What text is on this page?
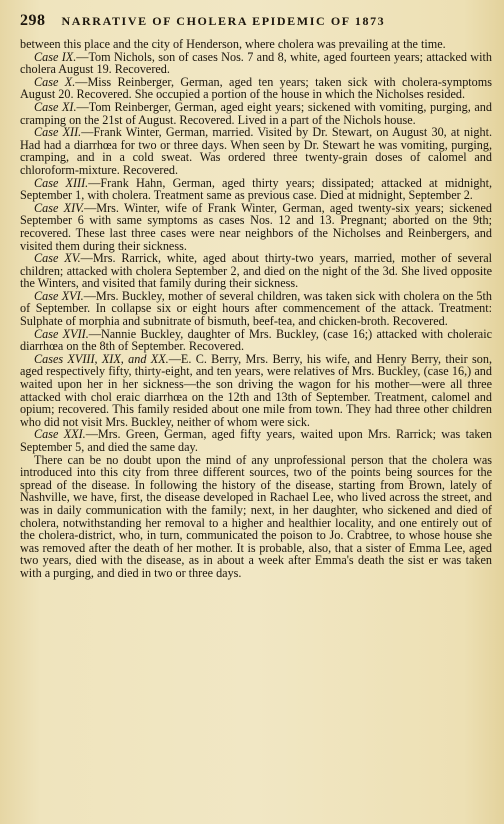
298 NARRATIVE OF CHOLERA EPIDEMIC OF 1873

between this place and the city of Henderson, where cholera was prevailing at the time.

Case IX.—Tom Nichols, son of cases Nos. 7 and 8, white, aged fourteen years; attacked with cholera August 19. Recovered.

Case X.—Miss Reinberger, German, aged ten years; taken sick with cholera-symptoms August 20. Recovered. She occupied a portion of the house in which the Nicholses resided.

Case XI.—Tom Reinberger, German, aged eight years; sickened with vomiting, purging, and cramping on the 21st of August. Recovered. Lived in a part of the Nichols house.

Case XII.—Frank Winter, German, married. Visited by Dr. Stewart, on August 30, at night. Had had a diarrhœa for two or three days. When seen by Dr. Stewart he was vomiting, purging, cramping, and in a cold sweat. Was ordered three twenty-grain doses of calomel and chloroform-mixture. Recovered.

Case XIII.—Frank Hahn, German, aged thirty years; dissipated; attacked at midnight, September 1, with cholera. Treatment same as previous case. Died at midnight, September 2.

Case XIV.—Mrs. Winter, wife of Frank Winter, German, aged twenty-six years; sickened September 6 with same symptoms as cases Nos. 12 and 13. Pregnant; aborted on the 9th; recovered. These last three cases were near neighbors of the Nicholses and Reinbergers, and visited them during their sickness.

Case XV.—Mrs. Rarrick, white, aged about thirty-two years, married, mother of several children; attacked with cholera September 2, and died on the night of the 3d. She lived opposite the Winters, and visited that family during their sickness.

Case XVI.—Mrs. Buckley, mother of several children, was taken sick with cholera on the 5th of September. In collapse six or eight hours after commencement of the attack. Treatment: Sulphate of morphia and subnitrate of bismuth, beef-tea, and chicken-broth. Recovered.

Case XVII.—Nannie Buckley, daughter of Mrs. Buckley, (case 16;) attacked with choleraic diarrhœa on the 8th of September. Recovered.

Cases XVIII, XIX, and XX.—E. C. Berry, Mrs. Berry, his wife, and Henry Berry, their son, aged respectively fifty, thirty-eight, and ten years, were relatives of Mrs. Buckley, (case 16,) and waited upon her in her sickness—the son driving the wagon for his mother—were all three attacked with chol eraic diarrhœa on the 12th and 13th of September. Treatment, calomel and opium; recovered. This family resided about one mile from town. They had three other children who did not visit Mrs. Buckley, neither of whom were sick.

Case XXI.—Mrs. Green, German, aged fifty years, waited upon Mrs. Rarrick; was taken September 5, and died the same day.

There can be no doubt upon the mind of any unprofessional person that the cholera was introduced into this city from three different sources, two of the points being sources for the spread of the disease. In following the history of the disease, starting from Brown, lately of Nashville, we have, first, the disease developed in Rachael Lee, who lived across the street, and was in daily communication with the family; next, in her daughter, who sickened and died of cholera, notwithstanding her removal to a higher and healthier locality, and one entirely out of the cholera-district, who, in turn, communicated the poison to Jo. Crabtree, to whose house she was removed after the death of her mother. It is probable, also, that a sister of Emma Lee, aged two years, died with the disease, as in about a week after Emma's death the sist er was taken with a purging, and died in two or three days.
